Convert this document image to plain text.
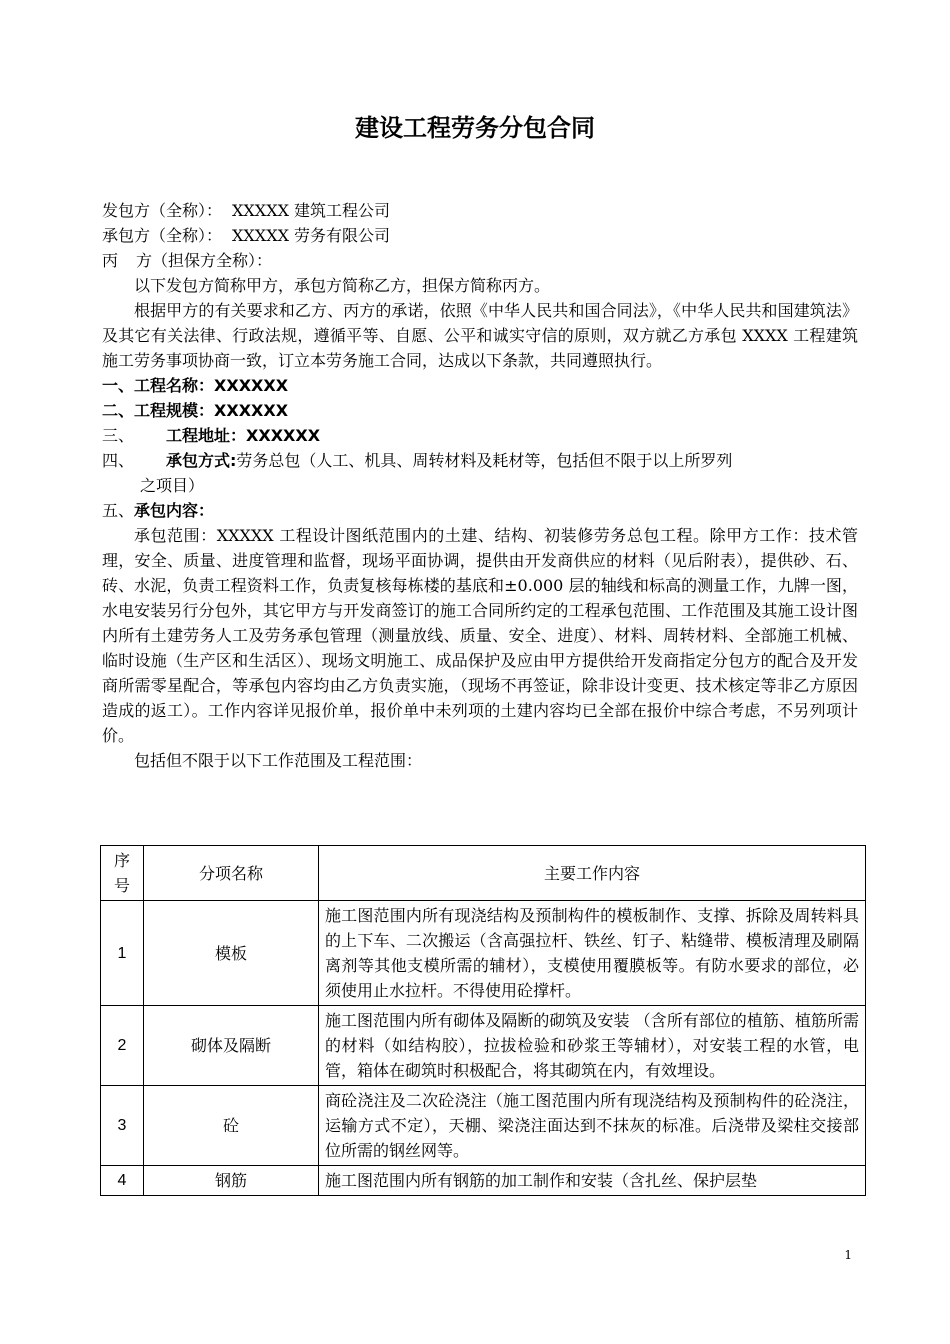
建设工程劳务分包合同
发包方（全称）： XXXXX 建筑工程公司
承包方（全称）： XXXXX 劳务有限公司
丙 方（担保方全称）：
以下发包方简称甲方，承包方简称乙方，担保方简称丙方。
根据甲方的有关要求和乙方、丙方的承诺，依照《中华人民共和国合同法》，《中华人民共和国建筑法》及其它有关法律、行政法规，遵循平等、自愿、公平和诚实守信的原则，双方就乙方承包 XXXX 工程建筑施工劳务事项协商一致，订立本劳务施工合同，达成以下条款，共同遵照执行。
一、工程名称：XXXXXX
二、工程规模：XXXXXX
三、 工程地址：XXXXXX
四、 承包方式:劳务总包（人工、机具、周转材料及耗材等，包括但不限于以上所罗列
之项目）
五、承包内容：
承包范围：XXXXX 工程设计图纸范围内的土建、结构、初装修劳务总包工程。除甲方工作：技术管理，安全、质量、进度管理和监督，现场平面协调，提供由开发商供应的材料（见后附表），提供砂、石、砖、水泥，负责工程资料工作，负责复核每栋楼的基底和±0.000 层的轴线和标高的测量工作，九牌一图，水电安装另行分包外，其它甲方与开发商签订的施工合同所约定的工程承包范围、工作范围及其施工设计图内所有土建劳务人工及劳务承包管理（测量放线、质量、安全、进度）、材料、周转材料、全部施工机械、临时设施（生产区和生活区）、现场文明施工、成品保护及应由甲方提供给开发商指定分包方的配合及开发商所需零星配合，等承包内容均由乙方负责实施，（现场不再签证，除非设计变更、技术核定等非乙方原因造成的返工）。工作内容详见报价单，报价单中未列项的土建内容均已全部在报价中综合考虑，不另列项计价。
包括但不限于以下工作范围及工程范围：
序号	分项名称	主要工作内容
1	模板	施工图范围内所有现浇结构及预制构件的模板制作、支撑、拆除及周转料具的上下车、二次搬运（含高强拉杆、铁丝、钉子、粘缝带、模板清理及刷隔离剂等其他支模所需的辅材），支模使用覆膜板等。有防水要求的部位，必须使用止水拉杆。不得使用砼撑杆。
2	砌体及隔断	施工图范围内所有砌体及隔断的砌筑及安装 （含所有部位的植筋、植筋所需的材料（如结构胶），拉拔检验和砂浆王等辅材），对安装工程的水管，电管，箱体在砌筑时积极配合，将其砌筑在内，有效埋设。
3	砼	商砼浇注及二次砼浇注（施工图范围内所有现浇结构及预制构件的砼浇注，运输方式不定），天棚、梁浇注面达到不抹灰的标准。后浇带及梁柱交接部位所需的钢丝网等。
4	钢筋	施工图范围内所有钢筋的加工制作和安装（含扎丝、保护层垫
1
